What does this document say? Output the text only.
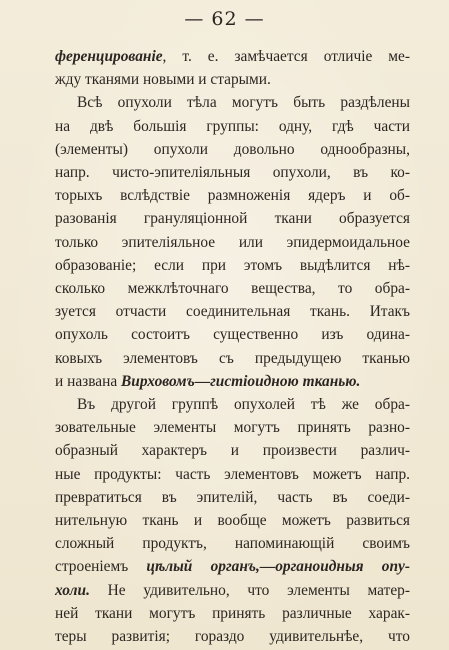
— 62 —
ференцированіе, т. е. замѣчается отличіе ме-
жду тканями новыми и старыми.
Всѣ опухоли тѣла могутъ быть раздѣлены
на двѣ большія группы: одну, гдѣ части
(элементы) опухоли довольно однообразны,
напр. чисто-эпителіяльныя опухоли, въ ко-
торыхъ вслѣдствіе размноженія ядеръ и об-
разованія грануляціонной ткани образуется
только эпителіяльное или эпидермоидальное
образованіе; если при этомъ выдѣлится нѣ-
сколько межклѣточнаго вещества, то обра-
зуется отчасти соединительная ткань. Итакъ
опухоль состоитъ существенно изъ одина-
ковыхъ элементовъ съ предыдущею тканью
и названа Вирховомъ—гистіоидною тканью.
Въ другой группѣ опухолей тѣ же обра-
зовательные элементы могутъ принять разно-
образный характеръ и произвести различ-
ные продукты: часть элементовъ можетъ напр.
превратиться въ эпителій, часть въ соеди-
нительную ткань и вообще можетъ развиться
сложный продуктъ, напоминающій своимъ
строеніемъ цѣлый органъ,—органоидныя опу-
холи. Не удивительно, что элементы матер-
ней ткани могутъ принять различные харак-
теры развитія; гораздо удивительнѣе, что
